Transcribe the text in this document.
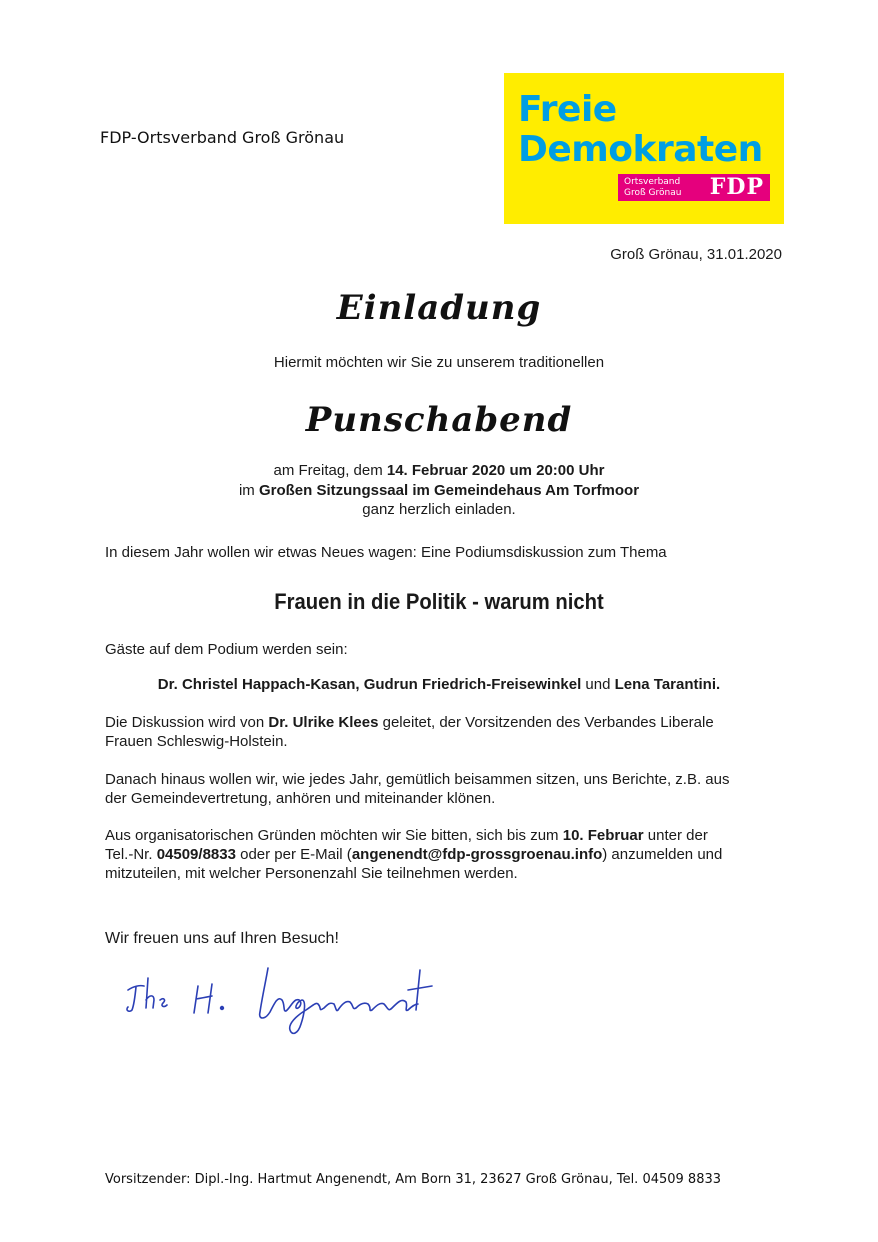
FDP-Ortsverband Groß Grönau
Freie
Demokraten
Ortsverband
Groß Grönau FDP
Groß Grönau, 31.01.2020
Einladung
Hiermit möchten wir Sie zu unserem traditionellen
Punschabend
am Freitag, dem 14. Februar 2020 um 20:00 Uhr
im Großen Sitzungssaal im Gemeindehaus Am Torfmoor
ganz herzlich einladen.
In diesem Jahr wollen wir etwas Neues wagen: Eine Podiumsdiskussion zum Thema
Frauen in die Politik - warum nicht
Gäste auf dem Podium werden sein:
Dr. Christel Happach-Kasan, Gudrun Friedrich-Freisewinkel und Lena Tarantini.
Die Diskussion wird von Dr. Ulrike Klees geleitet, der Vorsitzenden des Verbandes Liberale
Frauen Schleswig-Holstein.
Danach hinaus wollen wir, wie jedes Jahr, gemütlich beisammen sitzen, uns Berichte, z.B. aus
der Gemeindevertretung, anhören und miteinander klönen.
Aus organisatorischen Gründen möchten wir Sie bitten, sich bis zum 10. Februar unter der
Tel.-Nr. 04509/8833 oder per E-Mail (angenendt@fdp-grossgroenau.info) anzumelden und
mitzuteilen, mit welcher Personenzahl Sie teilnehmen werden.
Wir freuen uns auf Ihren Besuch!
Vorsitzender: Dipl.-Ing. Hartmut Angenendt, Am Born 31, 23627 Groß Grönau, Tel. 04509 8833
